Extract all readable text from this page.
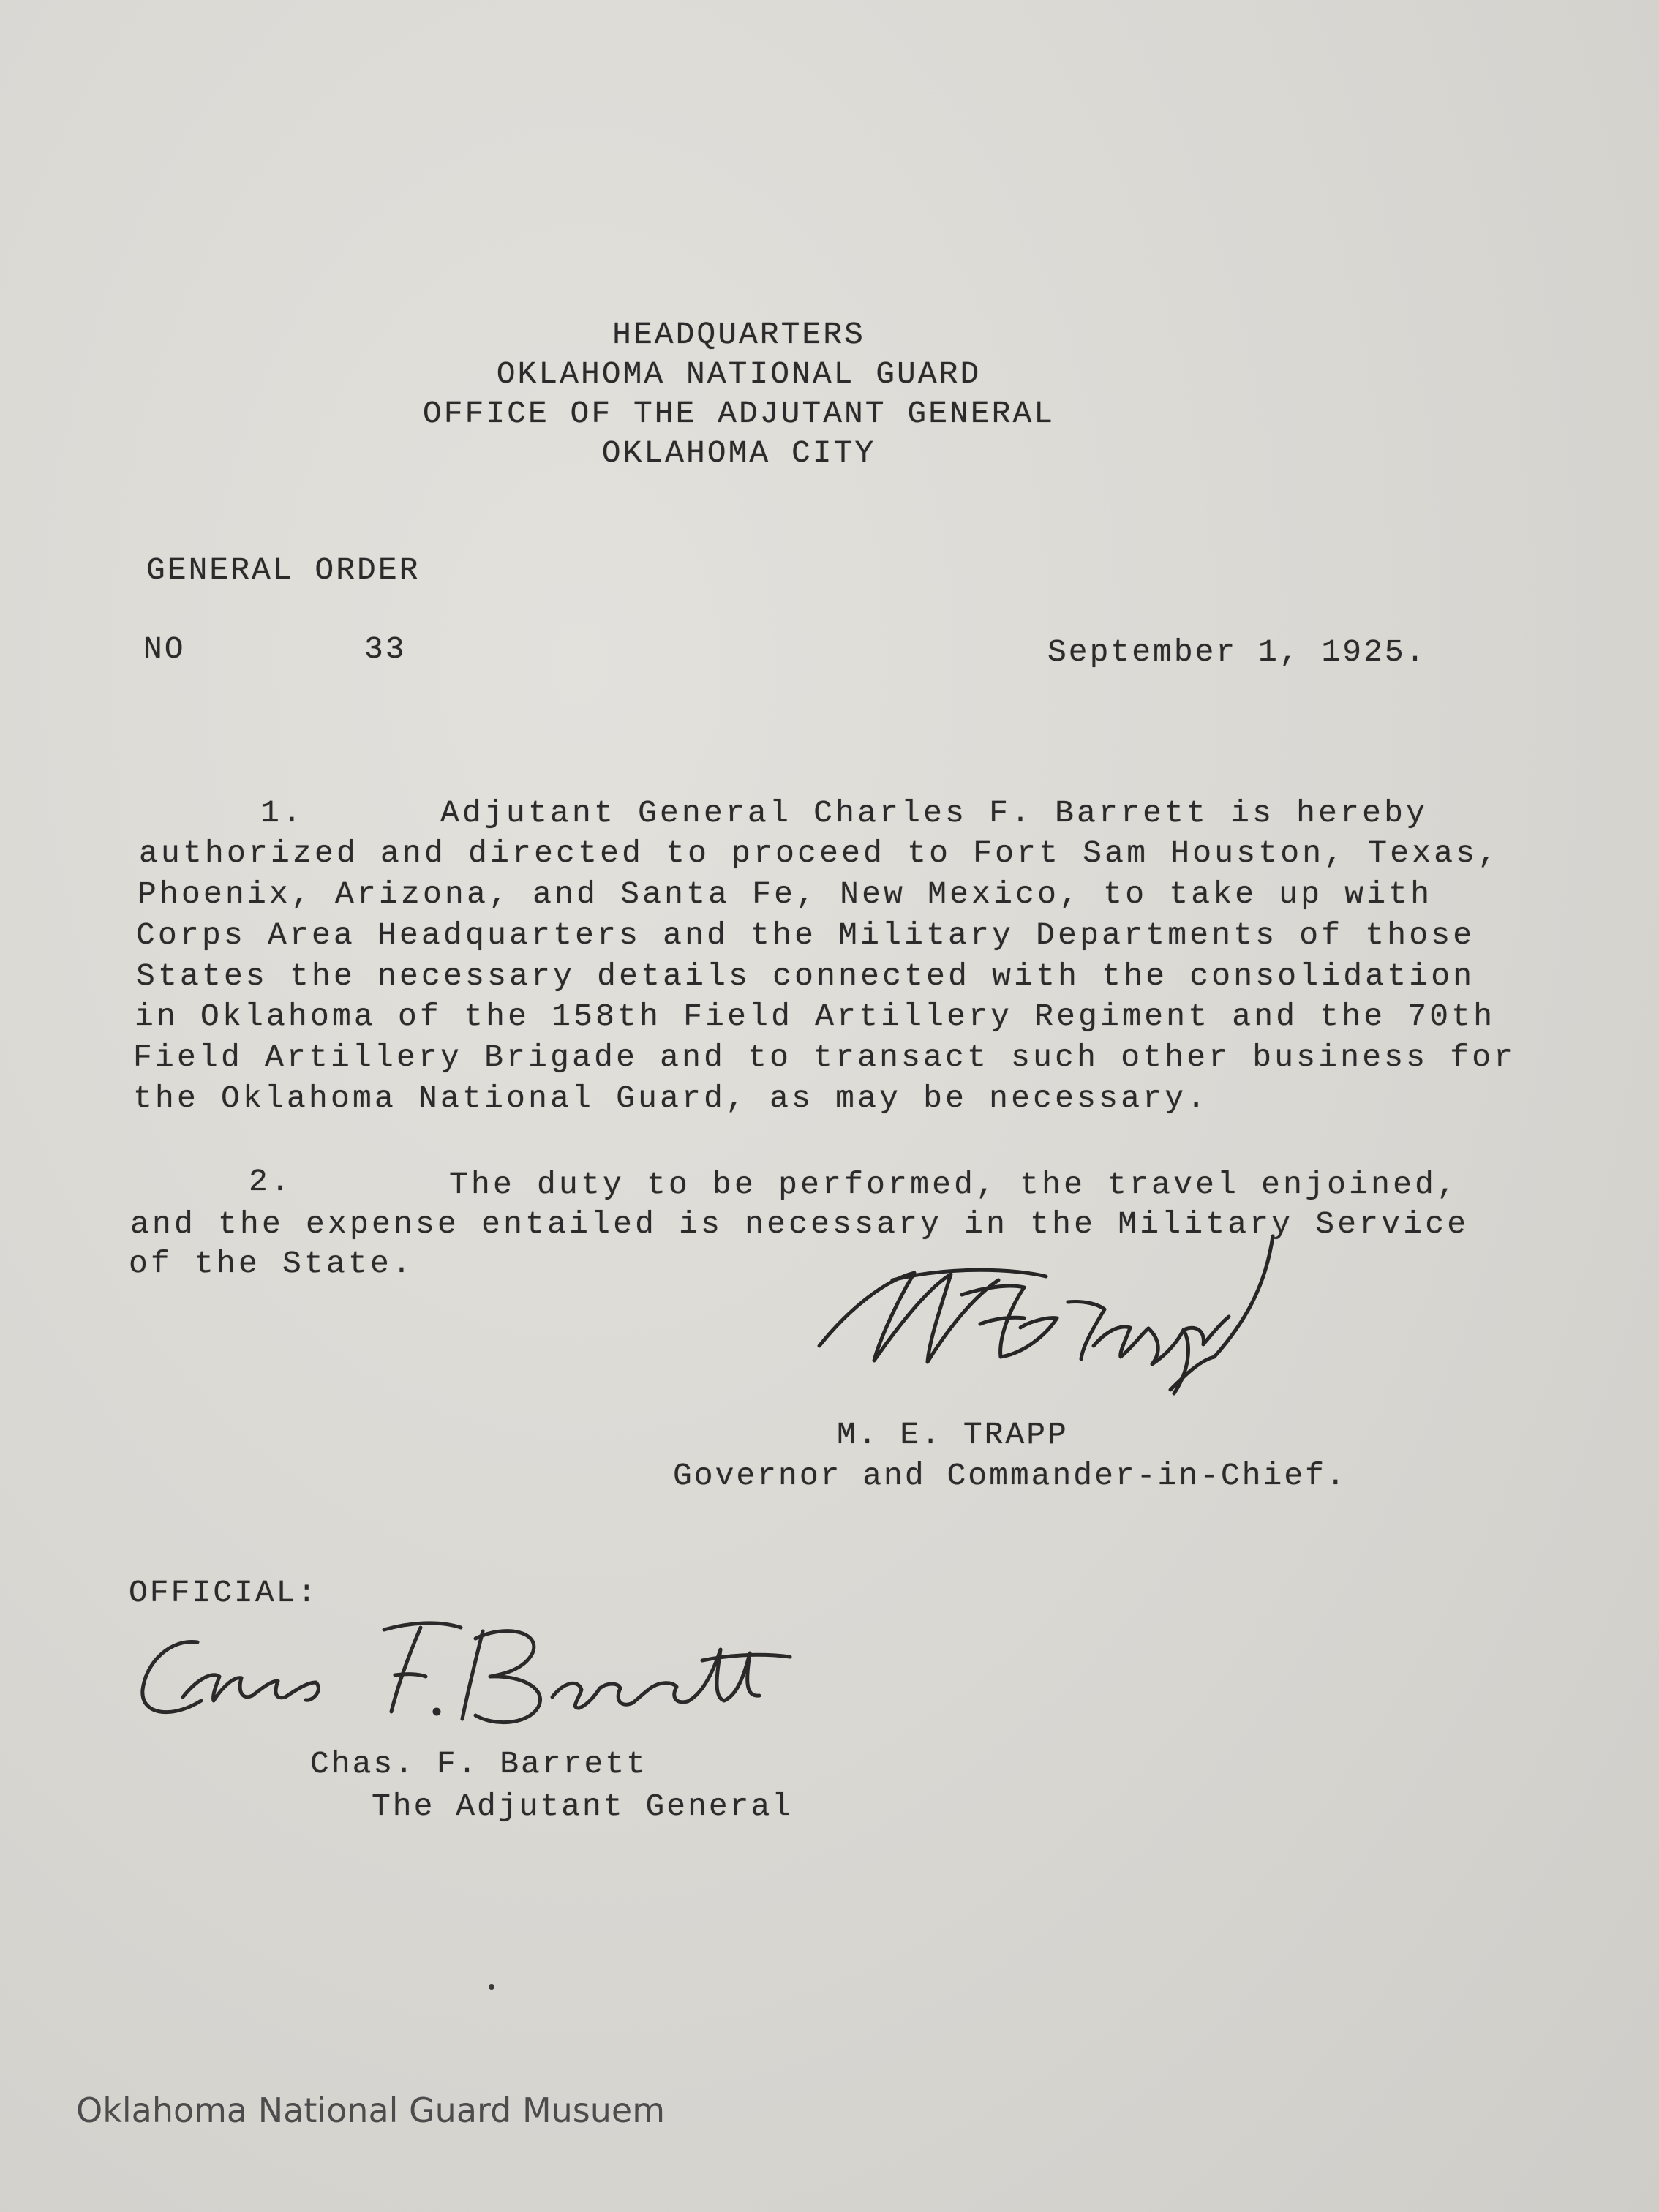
HEADQUARTERS
OKLAHOMA NATIONAL GUARD
OFFICE OF THE ADJUTANT GENERAL
OKLAHOMA CITY
GENERAL ORDER
NO	33	September 1, 1925.
1.	Adjutant General Charles F. Barrett is hereby
authorized and directed to proceed to Fort Sam Houston, Texas,
Phoenix, Arizona, and Santa Fe, New Mexico, to take up with
Corps Area Headquarters and the Military Departments of those
States the necessary details connected with the consolidation
in Oklahoma of the 158th Field Artillery Regiment and the 70th
Field Artillery Brigade and to transact such other business for
the Oklahoma National Guard, as may be necessary.
2.	The duty to be performed, the travel enjoined,
and the expense entailed is necessary in the Military Service
of the State.
M. E. TRAPP
Governor and Commander-in-Chief.
OFFICIAL:
Chas. F. Barrett
The Adjutant General
Oklahoma National Guard Musuem
